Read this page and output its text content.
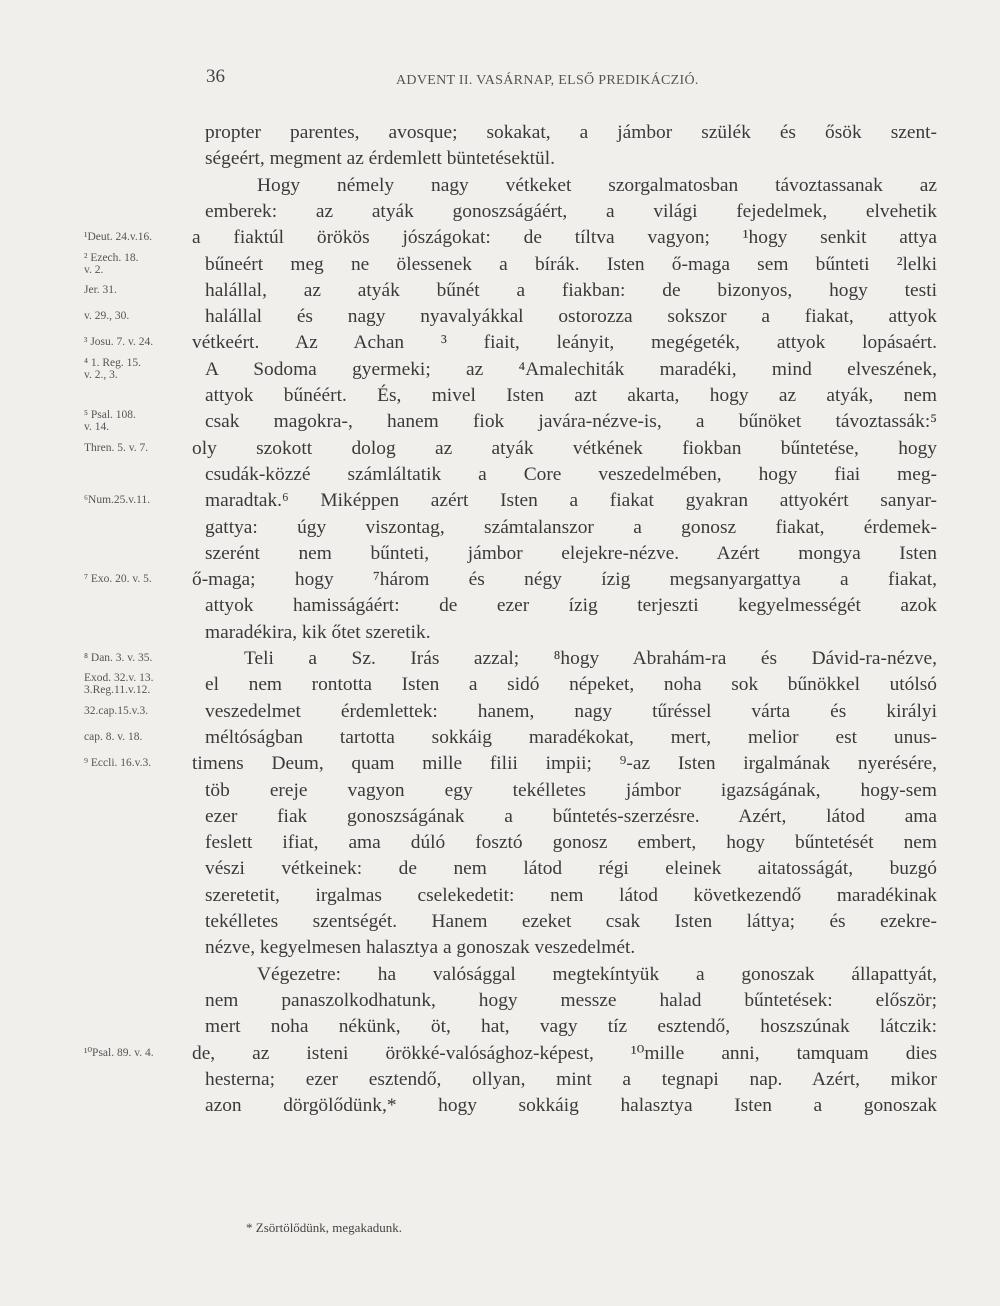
36	ADVENT II. VASÁRNAP, ELSŐ PREDIKÁCZIÓ.
propter parentes, avosque; sokakat, a jámbor szülék és ősök szent-
ségeért, megment az érdemlett büntetésektül.
Hogy némely nagy vétkeket szorgalmatosban távoztassanak az
emberek: az atyák gonoszságáért, a világi fejedelmek, elvehetik
¹Deut. 24.v.16.	a fiaktúl örökös jószágokat: de tíltva vagyon; ¹hogy senkit attya
² Ezech. 18.
v. 2.	bűneért meg ne ölessenek a bírák. Isten ő-maga sem bűnteti ²lelki
Jer. 31.	halállal, az atyák bűnét a fiakban: de bizonyos, hogy testi
v. 29., 30.	halállal és nagy nyavalyákkal ostorozza sokszor a fiakat, attyok
³ Josu. 7. v. 24.	vétkeért. Az Achan ³ fiait, leányit, megégeték, attyok lopásaért.
⁴ 1. Reg. 15.
v. 2., 3.	A Sodoma gyermeki; az ⁴Amalechiták maradéki, mind elveszének,
attyok bűnéért. És, mivel Isten azt akarta, hogy az atyák, nem
⁵ Psal. 108.
v. 14.	csak magokra-, hanem fiok javára-nézve-is, a bűnöket távoztassák:⁵
Thren. 5. v. 7.	oly szokott dolog az atyák vétkének fiokban bűntetése, hogy
csudák-közzé számláltatik a Core veszedelmében, hogy fiai meg-
⁶Num.25.v.11.	maradtak.⁶ Miképpen azért Isten a fiakat gyakran attyokért sanyar-
gattya: úgy viszontag, számtalanszor a gonosz fiakat, érdemek-
szerént nem bűnteti, jámbor elejekre-nézve. Azért mongya Isten
⁷ Exo. 20. v. 5.	ő-maga; hogy ⁷három és négy ízig megsanyargattya a fiakat,
attyok hamisságáért: de ezer ízig terjeszti kegyelmességét azok
maradékira, kik őtet szeretik.
⁸ Dan. 3. v. 35.	Teli a Sz. Irás azzal; ⁸hogy Abrahám-ra és Dávid-ra-nézve,
Exod. 32.v. 13.
3.Reg.11.v.12.	el nem rontotta Isten a sidó népeket, noha sok bűnökkel utólsó
32.cap.15.v.3.	veszedelmet érdemlettek: hanem, nagy tűréssel várta és királyi
cap. 8. v. 18.	méltóságban tartotta sokkáig maradékokat, mert, melior est unus-
⁹ Eccli. 16.v.3.	timens Deum, quam mille filii impii; ⁹-az Isten irgalmának nyerésére,
töb ereje vagyon egy tekélletes jámbor igazságának, hogy-sem
ezer fiak gonoszságának a bűntetés-szerzésre. Azért, látod ama
feslett ifiat, ama dúló fosztó gonosz embert, hogy bűntetését nem
vészi vétkeinek: de nem látod régi eleinek aitatosságát, buzgó
szeretetit, irgalmas cselekedetit: nem látod következendő maradékinak
tekélletes szentségét. Hanem ezeket csak Isten láttya; és ezekre-
nézve, kegyelmesen halasztya a gonoszak veszedelmét.
Végezetre: ha valósággal megtekíntyük a gonoszak állapattyát,
nem panaszolkodhatunk, hogy messze halad bűntetések: először;
mert noha nékünk, öt, hat, vagy tíz esztendő, hoszszúnak látczik:
¹⁰Psal. 89. v. 4.	de, az isteni örökké-valósághoz-képest, ¹⁰mille anni, tamquam dies
hesterna; ezer esztendő, ollyan, mint a tegnapi nap. Azért, mikor
azon dörgölődünk,* hogy sokkáig halasztya Isten a gonoszak
* Zsörtölődünk, megakadunk.
